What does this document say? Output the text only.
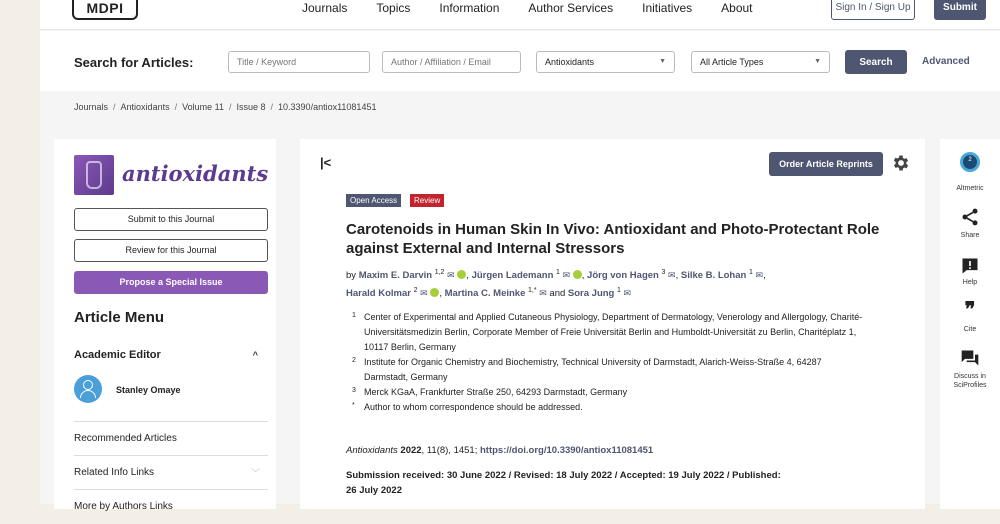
MDPI	Journals Topics Information Author Services Initiatives About	Sign In / Sign Up	Submit
Search for Articles:
Title / Keyword
Author / Affiliation / Email	Antioxidants	▼	All Article Types	▼	Search	Advanced
Journals / Antioxidants / Volume 11 / Issue 8 / 10.3390/antiox11081451
antioxidants
Submit to this Journal
Review for this Journal
Propose a Special Issue
Article Menu
Academic Editor	^
Stanley Omaye
Recommended Articles
Related Info Links	﹀
More by Authors Links
|<	Order Article Reprints
Open Access	Review
Carotenoids in Human Skin In Vivo: Antioxidant and Photo-Protectant Role against External and Internal Stressors
by Maxim E. Darvin $^{1,2}$ ✉ , Jürgen Lademann $^1$ ✉ , Jörg von Hagen $^3$ ✉, Silke B. Lohan $^1$ ✉,
Harald Kolmar $^2$ ✉ , Martina C. Meinke $^{1,*}$ ✉ and Sora Jung $^1$ ✉
1 Center of Experimental and Applied Cutaneous Physiology, Department of Dermatology, Venerology and Allergology, Charité-Universitätsmedizin Berlin, Corporate Member of Freie Universität Berlin and Humboldt-Universität zu Berlin, Charitéplatz 1, 10117 Berlin, Germany
2 Institute for Organic Chemistry and Biochemistry, Technical University of Darmstadt, Alarich-Weiss-Straße 4, 64287 Darmstadt, Germany
3 Merck KGaA, Frankfurter Straße 250, 64293 Darmstadt, Germany
* Author to whom correspondence should be addressed.
Antioxidants 2022, 11(8), 1451; https://doi.org/10.3390/antiox11081451
Submission received: 30 June 2022 / Revised: 18 July 2022 / Accepted: 19 July 2022 / Published: 26 July 2022
2
Altmetric
Share
Help
❞
Cite
Discuss in SciProfiles
